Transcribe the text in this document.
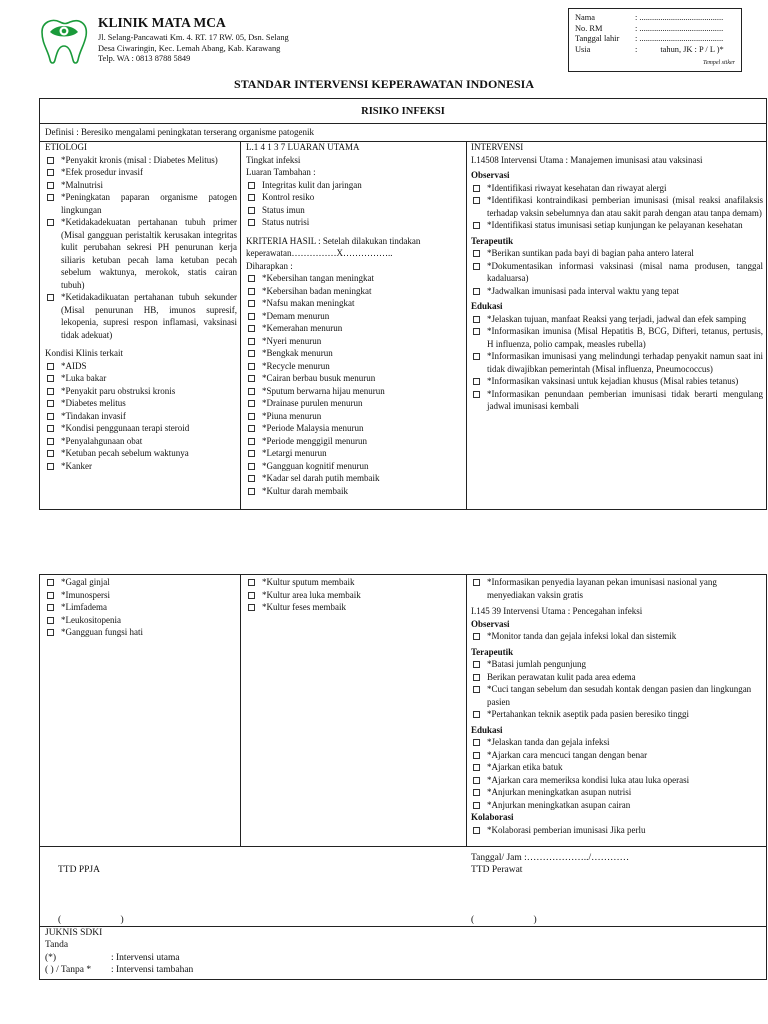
KLINIK MATA MCA
Jl. Selang-Pancawati Km. 4. RT. 17 RW. 05, Dsn. Selang
Desa Ciwaringin, Kec. Lemah Abang, Kab. Karawang
Telp. WA : 0813 8788 5849
Nama	: ........................................
No. RM	: ........................................
Tanggal lahir	: ........................................
Usia	:           tahun, JK : P / L )*
Tempel stiker
STANDAR INTERVENSI KEPERAWATAN INDONESIA
RISIKO INFEKSI
Definisi : Beresiko mengalami peningkatan terserang organisme patogenik
ETIOLOGI
*Penyakit kronis (misal : Diabetes Melitus)
*Efek prosedur invasif
*Malnutrisi
*Peningkatan paparan organisme patogen lingkungan
*Ketidakadekuatan pertahanan tubuh primer (Misal gangguan peristaltik kerusakan integritas kulit perubahan sekresi PH penurunan kerja siliaris ketuban pecah lama ketuban pecah sebelum waktunya, merokok, statis cairan tubuh)
*Ketidakadikuatan pertahanan tubuh sekunder (Misal penurunan HB, imunos supresif, lekopenia, supresi respon inflamasi, vaksinasi tidak adekuat)
Kondisi Klinis terkait
*AIDS
*Luka bakar
*Penyakit paru obstruksi kronis
*Diabetes melitus
*Tindakan invasif
*Kondisi penggunaan terapi steroid
*Penyalahgunaan obat
*Ketuban pecah sebelum waktunya
*Kanker
L.1 4 1 3 7 LUARAN UTAMA
Tingkat infeksi
Luaran Tambahan :
Integritas kulit dan jaringan
Kontrol resiko
Status imun
Status nutrisi
KRITERIA HASIL : Setelah dilakukan tindakan keperawatan……………X……………..
Diharapkan :
*Kebersihan tangan meningkat
*Kebersihan badan meningkat
*Nafsu makan meningkat
*Demam menurun
*Kemerahan menurun
*Nyeri menurun
*Bengkak menurun
*Recycle menurun
*Cairan berbau busuk menurun
*Sputum berwarna hijau menurun
*Drainase purulen menurun
*Piuna menurun
*Periode Malaysia menurun
*Periode menggigil menurun
*Letargi menurun
*Gangguan kognitif menurun
*Kadar sel darah putih membaik
*Kultur darah membaik
INTERVENSI
I.14508 Intervensi Utama : Manajemen imunisasi atau vaksinasi
Observasi
*Identifikasi riwayat kesehatan dan riwayat alergi
*Identifikasi kontraindikasi pemberian imunisasi (misal reaksi anafilaksis terhadap vaksin sebelumnya dan atau sakit parah dengan atau tanpa demam)
*Identifikasi status imunisasi setiap kunjungan ke pelayanan kesehatan
Terapeutik
*Berikan suntikan pada bayi di bagian paha antero lateral
*Dokumentasikan informasi vaksinasi (misal nama produsen, tanggal kadaluarsa)
*Jadwalkan imunisasi pada interval waktu yang tepat
Edukasi
*Jelaskan tujuan, manfaat Reaksi yang terjadi, jadwal dan efek samping
*Informasikan imunisa (Misal Hepatitis B, BCG, Difteri, tetanus, pertusis, H influenza, polio campak, measles rubella)
*Informasikan imunisasi yang melindungi terhadap penyakit namun saat ini tidak diwajibkan pemerintah (Misal influenza, Pneumococcus)
*Informasikan vaksinasi untuk kejadian khusus (Misal rabies tetanus)
*Informasikan penundaan pemberian imunisasi tidak berarti mengulang jadwal imunisasi kembali
*Gagal ginjal
*Imunospersi
*Limfadema
*Leukositopenia
*Gangguan fungsi hati
*Kultur sputum membaik
*Kultur area luka membaik
*Kultur feses membaik
*Informasikan penyedia layanan pekan imunisasi nasional yang menyediakan vaksin gratis
I.145 39 Intervensi Utama : Pencegahan infeksi
Observasi
*Monitor tanda dan gejala infeksi lokal dan sistemik
Terapeutik
*Batasi jumlah pengunjung
Berikan perawatan kulit pada area edema
*Cuci tangan sebelum dan sesudah kontak dengan pasien dan lingkungan pasien
*Pertahankan teknik aseptik pada pasien beresiko tinggi
Edukasi
*Jelaskan tanda dan gejala infeksi
*Ajarkan cara mencuci tangan dengan benar
*Ajarkan etika batuk
*Ajarkan cara memeriksa kondisi luka atau luka operasi
*Anjurkan meningkatkan asupan nutrisi
*Anjurkan meningkatkan asupan cairan
Kolaborasi
*Kolaborasi pemberian imunisasi Jika perlu
TTD PPJA
Tanggal/ Jam :………………../…………
TTD Perawat
(                         )	(                         )
JUKNIS SDKI
Tanda
(*)	: Intervensi utama
( ) / Tanpa *	: Intervensi tambahan
